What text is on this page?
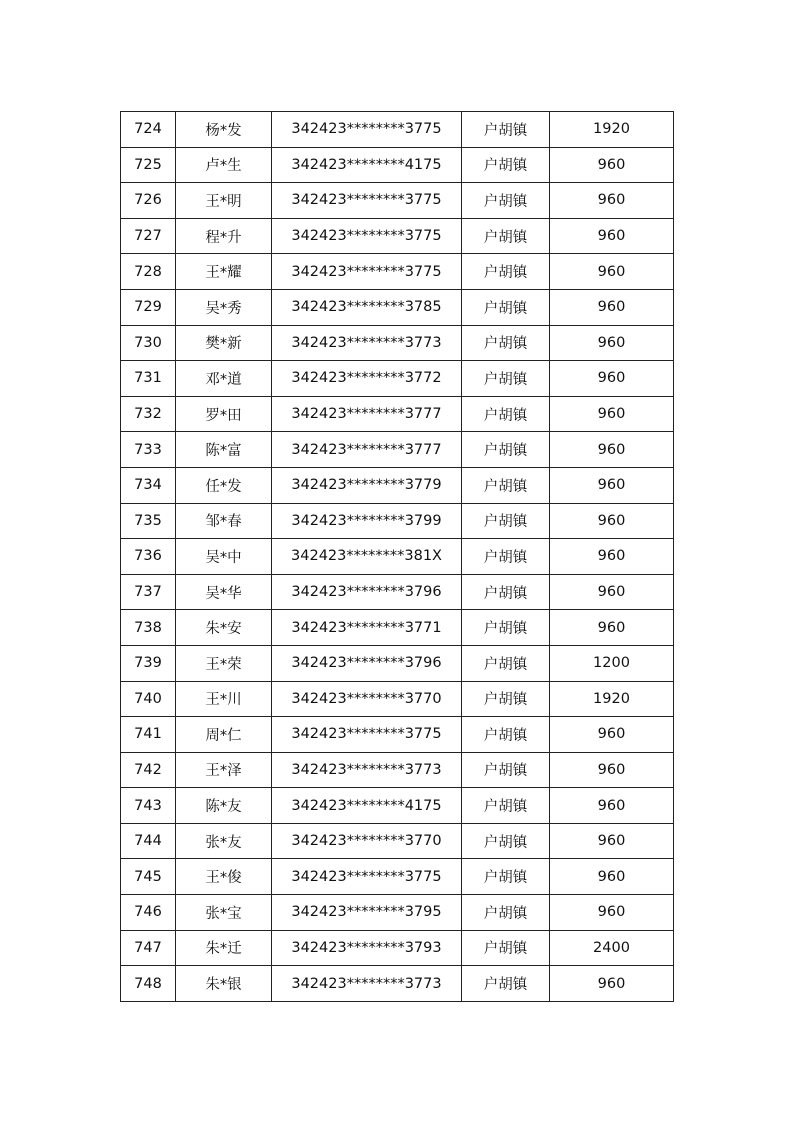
724	杨*发	342423********3775	户胡镇	1920
725	卢*生	342423********4175	户胡镇	960
726	王*明	342423********3775	户胡镇	960
727	程*升	342423********3775	户胡镇	960
728	王*耀	342423********3775	户胡镇	960
729	吴*秀	342423********3785	户胡镇	960
730	樊*新	342423********3773	户胡镇	960
731	邓*道	342423********3772	户胡镇	960
732	罗*田	342423********3777	户胡镇	960
733	陈*富	342423********3777	户胡镇	960
734	任*发	342423********3779	户胡镇	960
735	邹*春	342423********3799	户胡镇	960
736	吴*中	342423********381X	户胡镇	960
737	吴*华	342423********3796	户胡镇	960
738	朱*安	342423********3771	户胡镇	960
739	王*荣	342423********3796	户胡镇	1200
740	王*川	342423********3770	户胡镇	1920
741	周*仁	342423********3775	户胡镇	960
742	王*泽	342423********3773	户胡镇	960
743	陈*友	342423********4175	户胡镇	960
744	张*友	342423********3770	户胡镇	960
745	王*俊	342423********3775	户胡镇	960
746	张*宝	342423********3795	户胡镇	960
747	朱*迁	342423********3793	户胡镇	2400
748	朱*银	342423********3773	户胡镇	960
